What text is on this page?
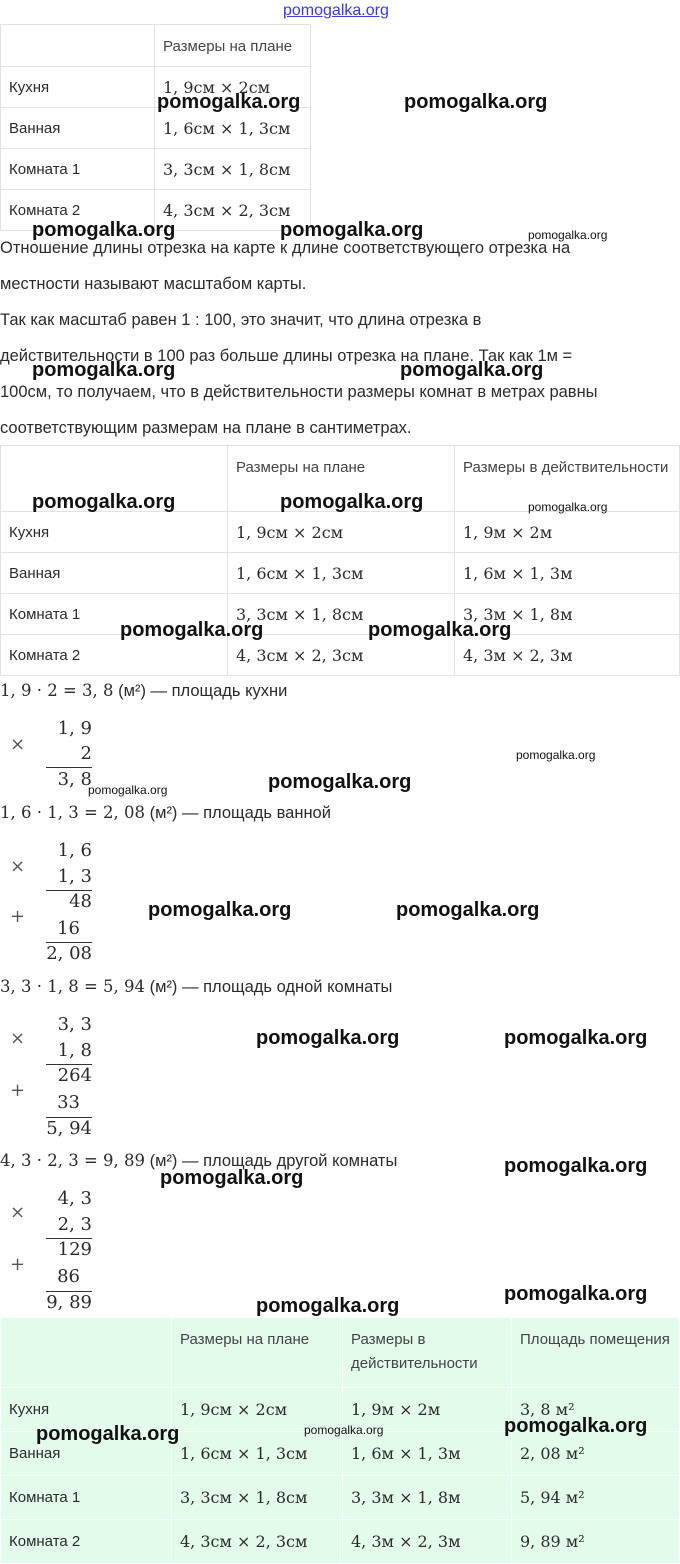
pomogalka.org
	Размеры на плане
Кухня	1, 9см × 2см
Ванная	1, 6см × 1, 3см
Комната 1	3, 3см × 1, 8см
Комната 2	4, 3см × 2, 3см
Отношение длины отрезка на карте к длине соответствующего отрезка на
местности называют масштабом карты.
Так как масштаб равен 1 : 100, это значит, что длина отрезка в
действительности в 100 раз больше длины отрезка на плане. Так как 1м =
100см, то получаем, что в действительности размеры комнат в метрах равны
соответствующим размерам на плане в сантиметрах.
	Размеры на плане	Размеры в действительности
Кухня	1, 9см × 2см	1, 9м × 2м
Ванная	1, 6см × 1, 3см	1, 6м × 1, 3м
Комната 1	3, 3см × 1, 8см	3, 3м × 1, 8м
Комната 2	4, 3см × 2, 3см	4, 3м × 2, 3м
1, 9 · 2 = 3, 8 (м²) — площадь кухни
×
1, 9
2
3, 8
1, 6 · 1, 3 = 2, 08 (м²) — площадь ванной
×
+
1, 6
1, 3
48
16
2, 08
3, 3 · 1, 8 = 5, 94 (м²) — площадь одной комнаты
×
+
3, 3
1, 8
264
33
5, 94
4, 3 · 2, 3 = 9, 89 (м²) — площадь другой комнаты
×
+
4, 3
2, 3
129
86
9, 89
	Размеры на плане	Размеры в действительности	Площадь помещения
Кухня	1, 9см × 2см	1, 9м × 2м	3, 8 м²
Ванная	1, 6см × 1, 3см	1, 6м × 1, 3м	2, 08 м²
Комната 1	3, 3см × 1, 8см	3, 3м × 1, 8м	5, 94 м²
Комната 2	4, 3см × 2, 3см	4, 3м × 2, 3м	9, 89 м²
pomogalka.org	pomogalka.org
pomogalka.org	pomogalka.org	pomogalka.org
pomogalka.org	pomogalka.org
pomogalka.org	pomogalka.org	pomogalka.org
pomogalka.org	pomogalka.org
pomogalka.org
pomogalka.org	pomogalka.org
pomogalka.org	pomogalka.org
pomogalka.org	pomogalka.org
pomogalka.org
pomogalka.org
pomogalka.org
pomogalka.org
pomogalka.org	pomogalka.org	pomogalka.org
